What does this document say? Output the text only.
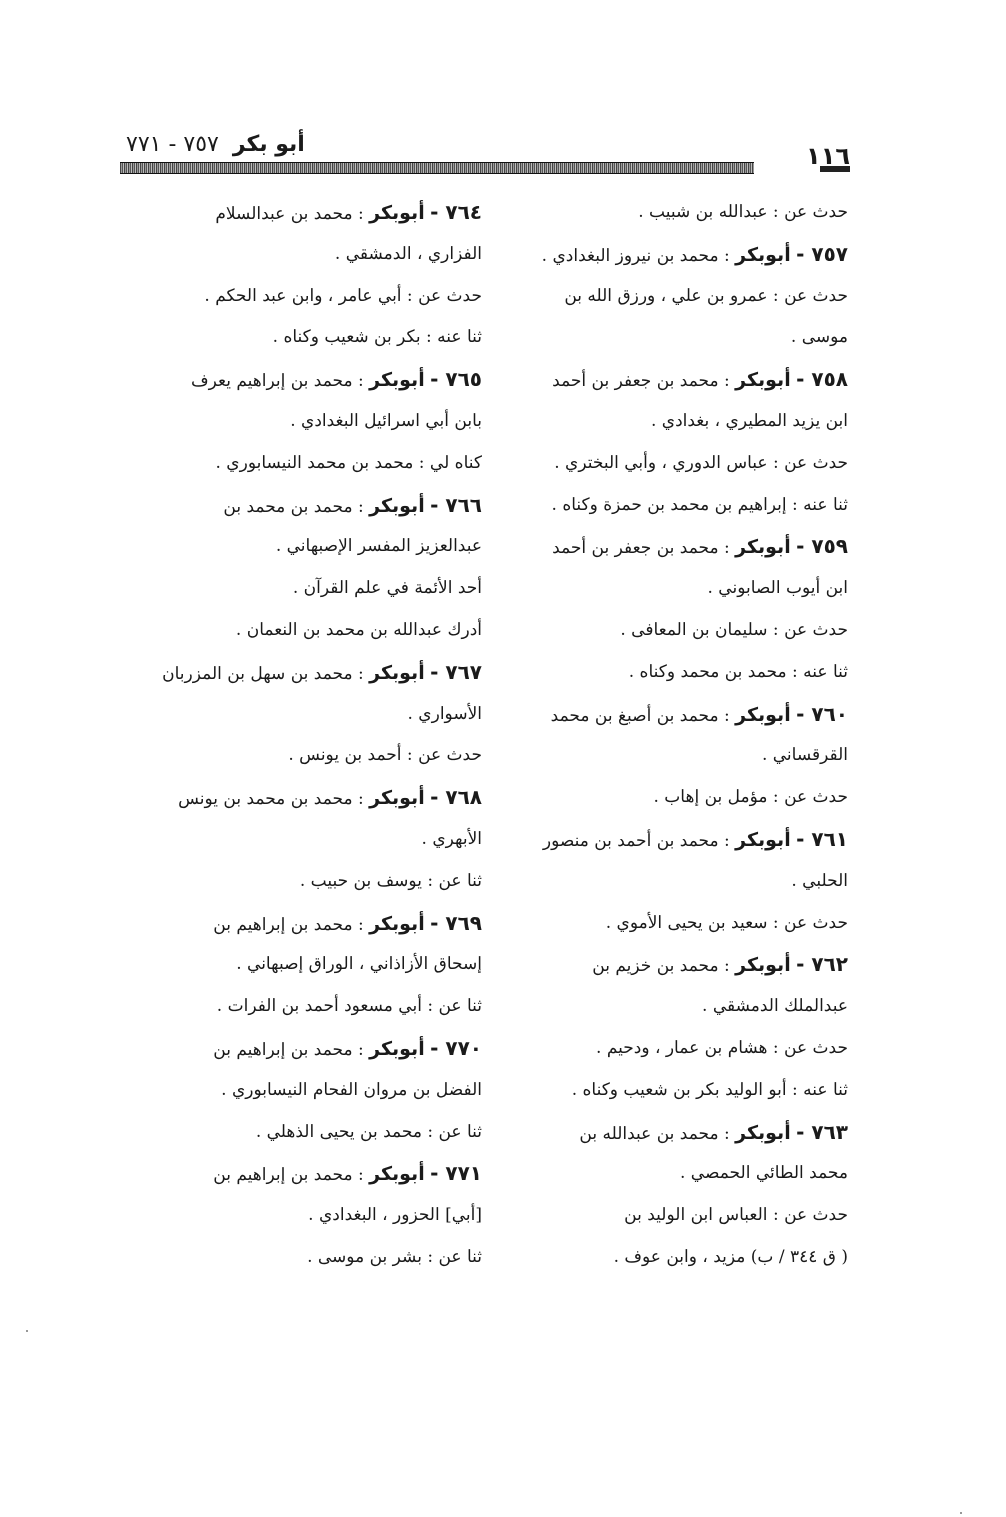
أبو بكر  ٧٥٧ - ٧٧١	١١٦
حدث عن : عبدالله بن شبيب .
٧٥٧ - أبوبكر : محمد بن نيروز البغدادي .
حدث عن : عمرو بن علي ، ورزق الله بن
موسى .
٧٥٨ - أبوبكر : محمد بن جعفر بن أحمد
ابن يزيد المطيري ، بغدادي .
حدث عن : عباس الدوري ، وأبي البختري .
ثنا عنه : إبراهيم بن محمد بن حمزة وكناه .
٧٥٩ - أبوبكر : محمد بن جعفر بن أحمد
ابن أيوب الصابوني .
حدث عن : سليمان بن المعافى .
ثنا عنه : محمد بن محمد وكناه .
٧٦٠ - أبوبكر : محمد بن أصبغ بن محمد
القرقساني .
حدث عن : مؤمل بن إهاب .
٧٦١ - أبوبكر : محمد بن أحمد بن منصور
الحلبي .
حدث عن : سعيد بن يحيى الأموي .
٧٦٢ - أبوبكر : محمد بن خزيم بن
عبدالملك الدمشقي .
حدث عن : هشام بن عمار ، ودحيم .
ثنا عنه : أبو الوليد بكر بن شعيب وكناه .
٧٦٣ - أبوبكر : محمد بن عبدالله بن
محمد الطائي الحمصي .
حدث عن : العباس ابن الوليد بن
( ق ٣٤٤ / ب) مزيد ، وابن عوف .
٧٦٤ - أبوبكر : محمد بن عبدالسلام
الفزاري ، الدمشقي .
حدث عن : أبي عامر ، وابن عبد الحكم .
ثنا عنه : بكر بن شعيب وكناه .
٧٦٥ - أبوبكر : محمد بن إبراهيم يعرف
بابن أبي اسرائيل البغدادي .
كناه لي : محمد بن محمد النيسابوري .
٧٦٦ - أبوبكر : محمد بن محمد بن
عبدالعزيز المفسر الإصبهاني .
أحد الأئمة في علم القرآن .
أدرك عبدالله بن محمد بن النعمان .
٧٦٧ - أبوبكر : محمد بن سهل بن المزربان
الأسواري .
حدث عن : أحمد بن يونس .
٧٦٨ - أبوبكر : محمد بن محمد بن يونس
الأبهري .
ثنا عن : يوسف بن حبيب .
٧٦٩ - أبوبكر : محمد بن إبراهيم بن
إسحاق الأزاذاني ، الوراق إصبهاني .
ثنا عن : أبي مسعود أحمد بن الفرات .
٧٧٠ - أبوبكر : محمد بن إبراهيم بن
الفضل بن مروان الفحام النيسابوري .
ثنا عن : محمد بن يحيى الذهلي .
٧٧١ - أبوبكر : محمد بن إبراهيم بن
[أبي] الحزور ، البغدادي .
ثنا عن : بشر بن موسى .
